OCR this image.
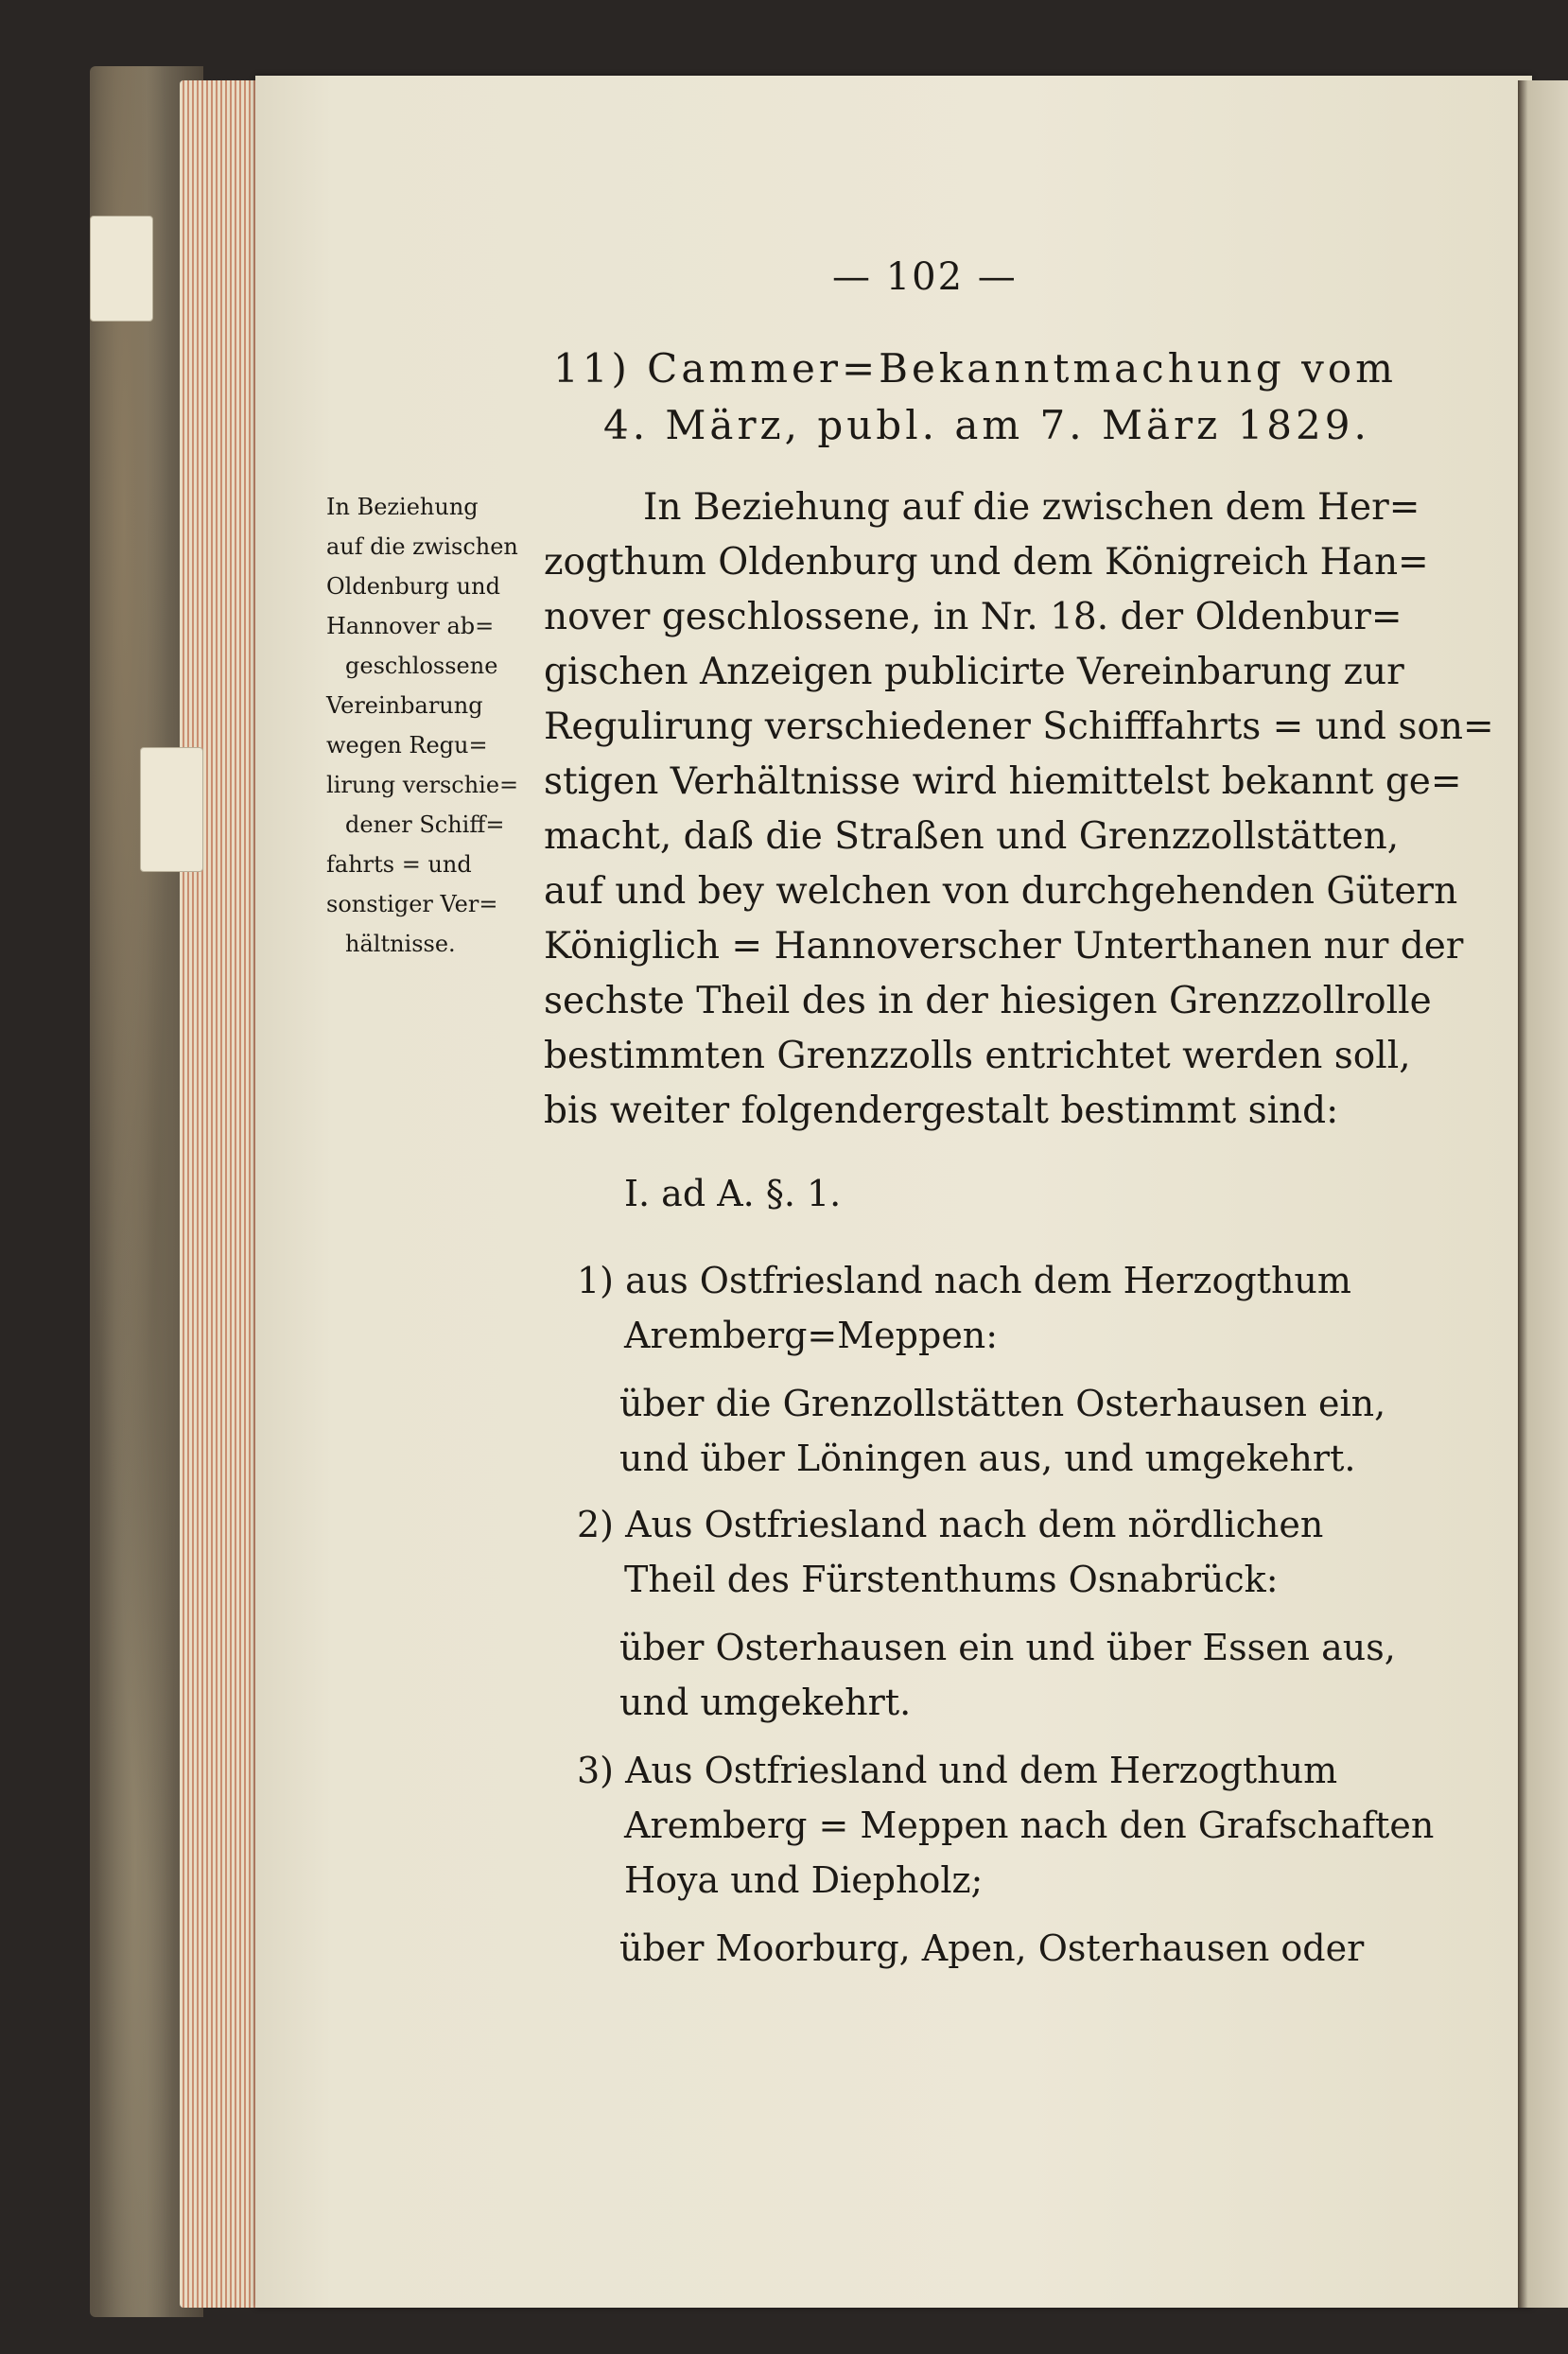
— 102 —
11) Cammer=Bekanntmachung vom
4. März, publ. am 7. März 1829.
In Beziehung
auf die zwischen
Oldenburg und
Hannover ab=
geschlossene
Vereinbarung
wegen Regu=
lirung verschie=
dener Schiff=
fahrts = und
sonstiger Ver=
hältnisse.
In Beziehung auf die zwischen dem Her=
zogthum Oldenburg und dem Königreich Han=
nover geschlossene, in Nr. 18. der Oldenbur=
gischen Anzeigen publicirte Vereinbarung zur
Regulirung verschiedener Schifffahrts = und son=
stigen Verhältnisse wird hiemittelst bekannt ge=
macht, daß die Straßen und Grenzzollstätten,
auf und bey welchen von durchgehenden Gütern
Königlich = Hannoverscher Unterthanen nur der
sechste Theil des in der hiesigen Grenzzollrolle
bestimmten Grenzzolls entrichtet werden soll,
bis weiter folgendergestalt bestimmt sind:
I. ad A. §. 1.
1) aus Ostfriesland nach dem Herzogthum
Aremberg=Meppen:
über die Grenzollstätten Osterhausen ein,
und über Löningen aus, und umgekehrt.
2) Aus Ostfriesland nach dem nördlichen
Theil des Fürstenthums Osnabrück:
über Osterhausen ein und über Essen aus,
und umgekehrt.
3) Aus Ostfriesland und dem Herzogthum
Aremberg = Meppen nach den Grafschaften
Hoya und Diepholz;
über Moorburg, Apen, Osterhausen oder
